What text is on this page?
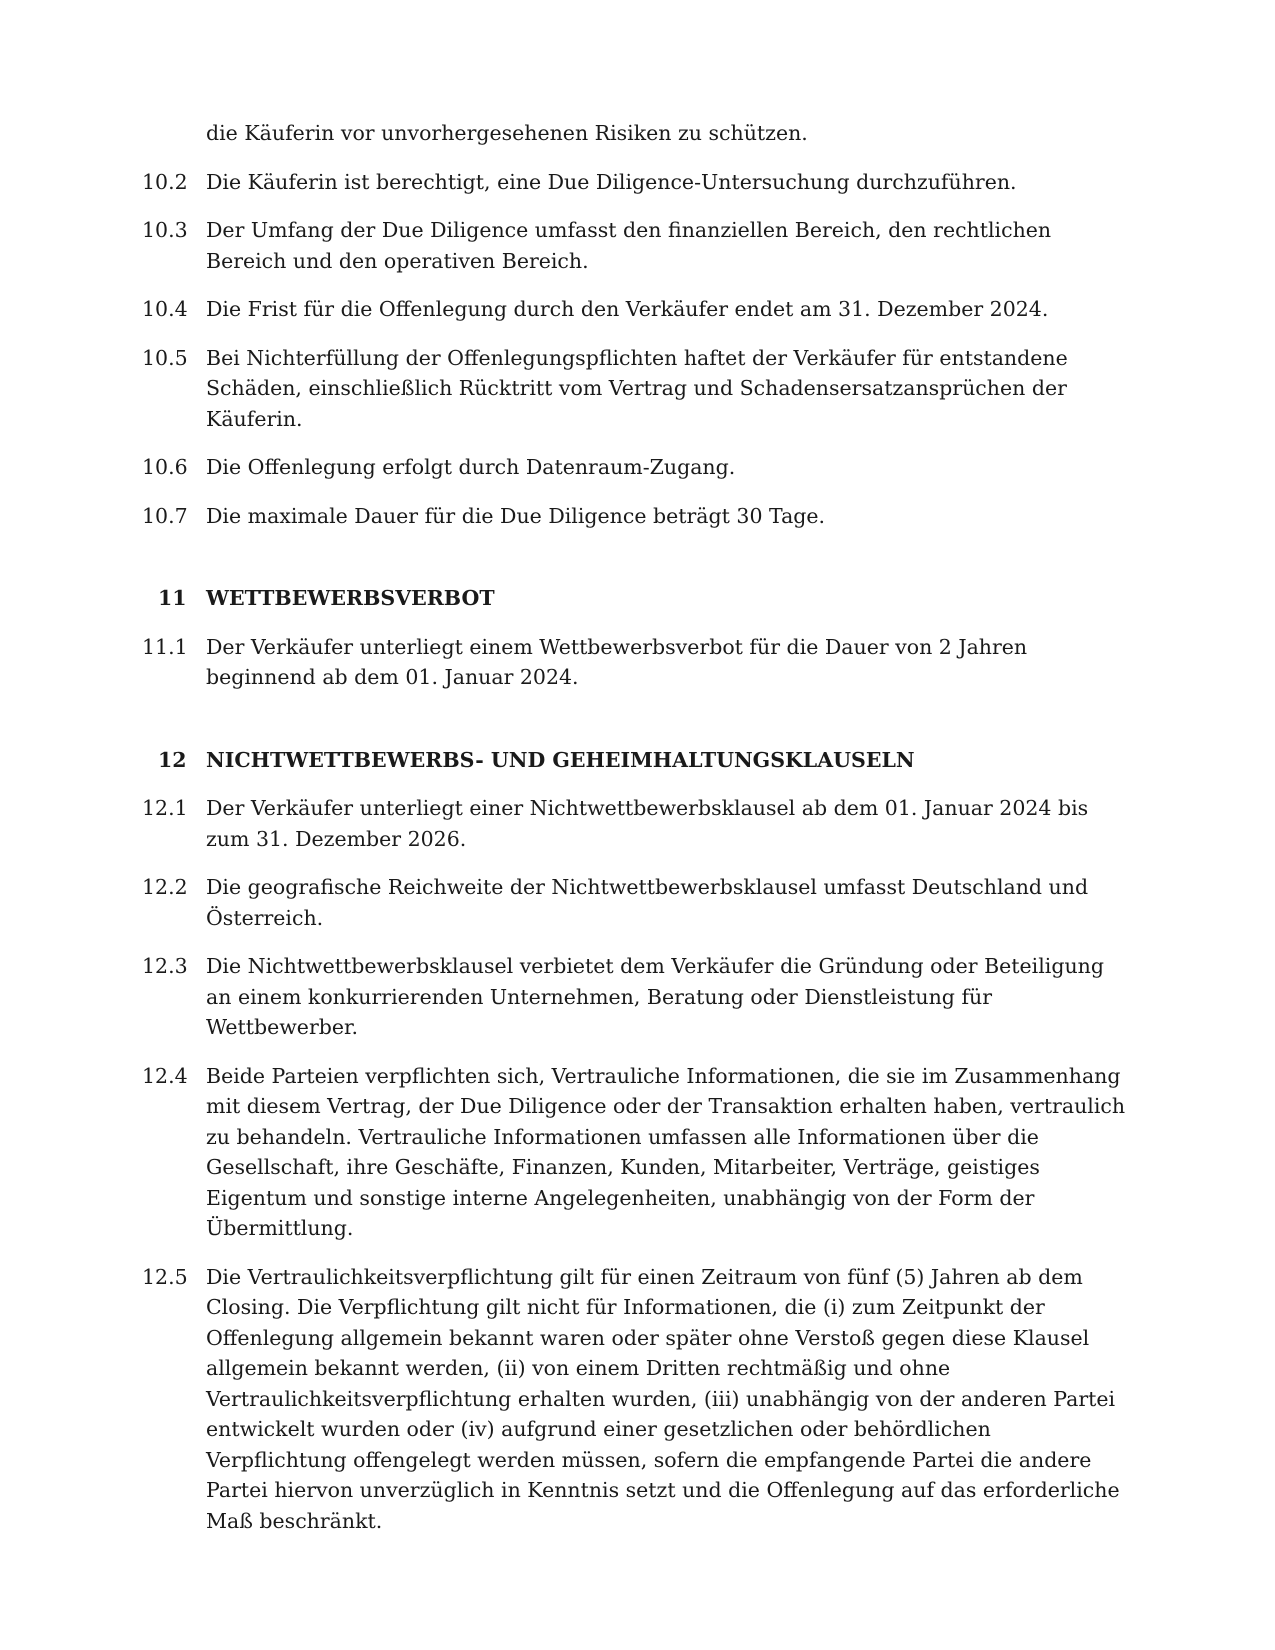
die Käuferin vor unvorhergesehenen Risiken zu schützen.
10.2 Die Käuferin ist berechtigt, eine Due Diligence-Untersuchung durchzuführen.
10.3 Der Umfang der Due Diligence umfasst den finanziellen Bereich, den rechtlichen Bereich und den operativen Bereich.
10.4 Die Frist für die Offenlegung durch den Verkäufer endet am 31. Dezember 2024.
10.5 Bei Nichterfüllung der Offenlegungspflichten haftet der Verkäufer für entstandene Schäden, einschließlich Rücktritt vom Vertrag und Schadensersatzansprüchen der Käuferin.
10.6 Die Offenlegung erfolgt durch Datenraum-Zugang.
10.7 Die maximale Dauer für die Due Diligence beträgt 30 Tage.
11 WETTBEWERBSVERBOT
11.1 Der Verkäufer unterliegt einem Wettbewerbsverbot für die Dauer von 2 Jahren beginnend ab dem 01. Januar 2024.
12 NICHTWETTBEWERBS- UND GEHEIMHALTUNGSKLAUSELN
12.1 Der Verkäufer unterliegt einer Nichtwettbewerbsklausel ab dem 01. Januar 2024 bis zum 31. Dezember 2026.
12.2 Die geografische Reichweite der Nichtwettbewerbsklausel umfasst Deutschland und Österreich.
12.3 Die Nichtwettbewerbsklausel verbietet dem Verkäufer die Gründung oder Beteiligung an einem konkurrierenden Unternehmen, Beratung oder Dienstleistung für Wettbewerber.
12.4 Beide Parteien verpflichten sich, Vertrauliche Informationen, die sie im Zusammenhang mit diesem Vertrag, der Due Diligence oder der Transaktion erhalten haben, vertraulich zu behandeln. Vertrauliche Informationen umfassen alle Informationen über die Gesellschaft, ihre Geschäfte, Finanzen, Kunden, Mitarbeiter, Verträge, geistiges Eigentum und sonstige interne Angelegenheiten, unabhängig von der Form der Übermittlung.
12.5 Die Vertraulichkeitsverpflichtung gilt für einen Zeitraum von fünf (5) Jahren ab dem Closing. Die Verpflichtung gilt nicht für Informationen, die (i) zum Zeitpunkt der Offenlegung allgemein bekannt waren oder später ohne Verstoß gegen diese Klausel allgemein bekannt werden, (ii) von einem Dritten rechtmäßig und ohne Vertraulichkeitsverpflichtung erhalten wurden, (iii) unabhängig von der anderen Partei entwickelt wurden oder (iv) aufgrund einer gesetzlichen oder behördlichen Verpflichtung offengelegt werden müssen, sofern die empfangende Partei die andere Partei hiervon unverzüglich in Kenntnis setzt und die Offenlegung auf das erforderliche Maß beschränkt.
